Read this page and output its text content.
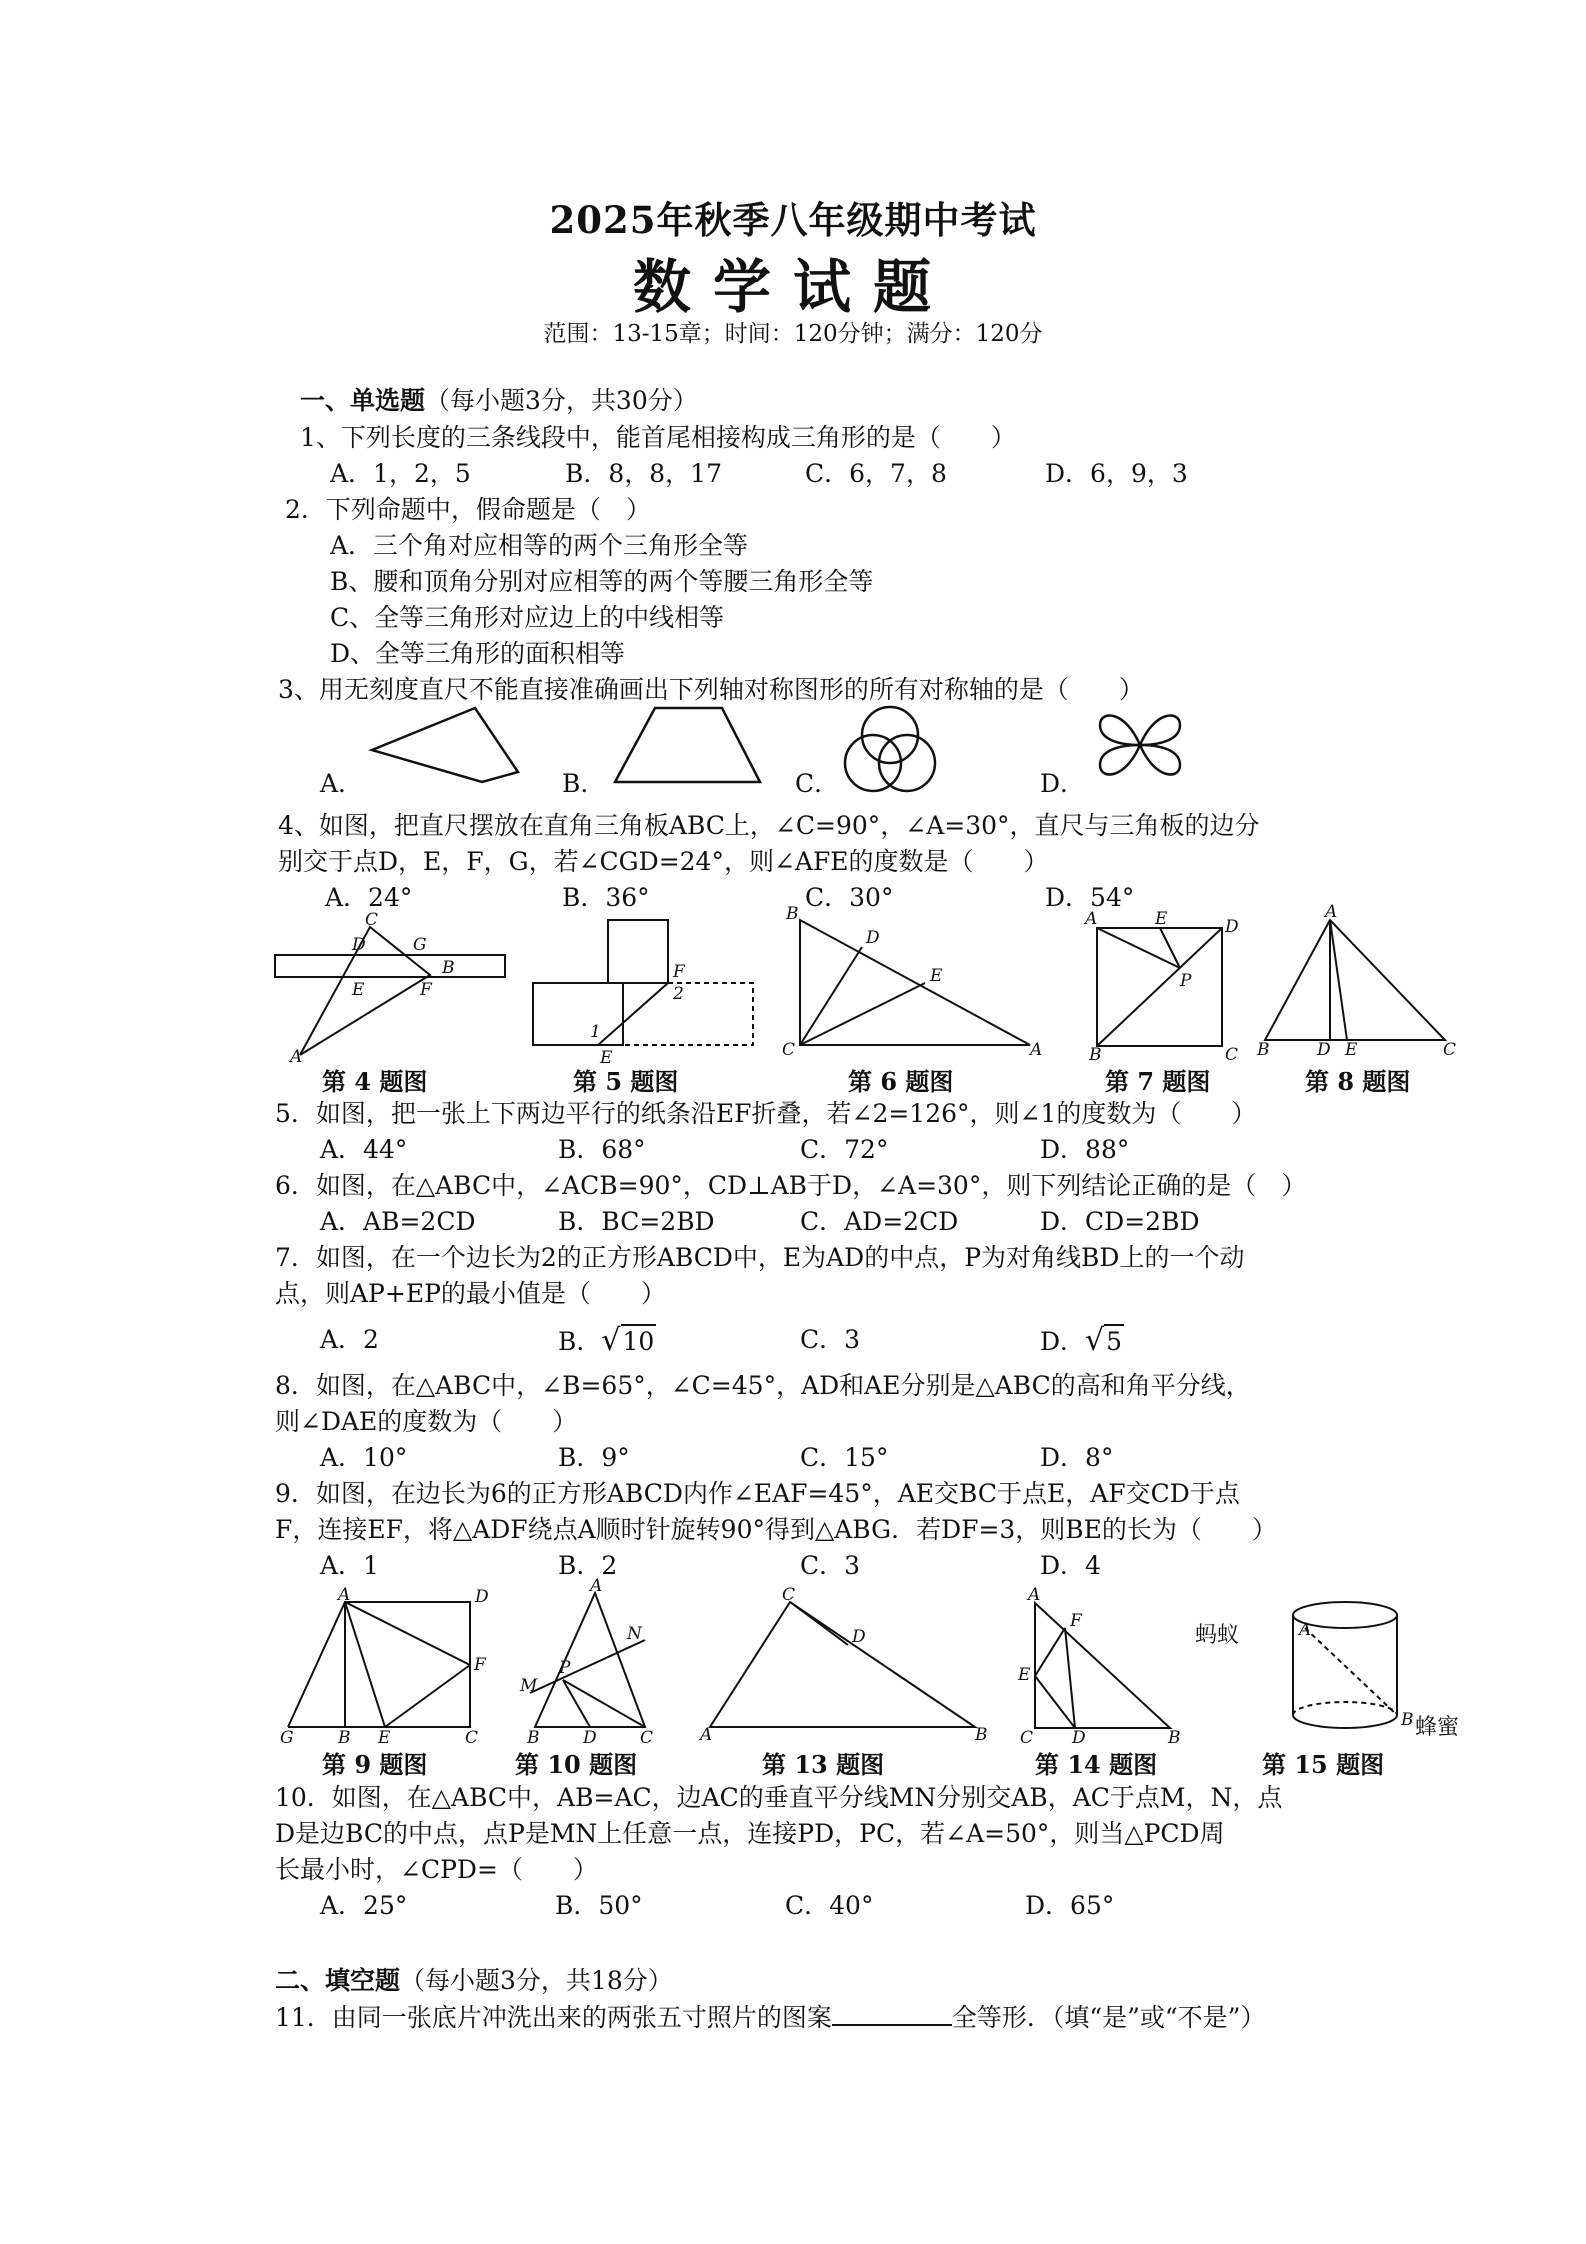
2025年秋季八年级期中考试
数学试题
范围：13-15章；时间：120分钟；满分：120分
一、单选题（每小题3分，共30分）
1、下列长度的三条线段中，能首尾相接构成三角形的是（　　）
A．1，2，5	B．8，8，17	C．6，7，8	D．6，9，3
2．下列命题中，假命题是（　）
A．三个角对应相等的两个三角形全等
B、腰和顶角分别对应相等的两个等腰三角形全等
C、全等三角形对应边上的中线相等
D、全等三角形的面积相等
3、用无刻度直尺不能直接准确画出下列轴对称图形的所有对称轴的是（　　）
A．	B．	C．	D．
4、如图，把直尺摆放在直角三角板ABC上，∠C=90°，∠A=30°，直尺与三角板的边分
别交于点D，E，F，G，若∠CGD=24°，则∠AFE的度数是（　　）
A．24°	B．36°	C．30°	D．54°
C
D	G
B
E	F
A
F
2
1
E
B
D
E
C	A
A	E	D
P
B	C
A
B	D E	C
第 4 题图	第 5 题图	第 6 题图	第 7 题图	第 8 题图
5．如图，把一张上下两边平行的纸条沿EF折叠，若∠2=126°，则∠1的度数为（　　）
A．44°	B．68°	C．72°	D．88°
6．如图，在△ABC中，∠ACB=90°，CD⊥AB于D，∠A=30°，则下列结论正确的是（　）
A．AB=2CD	B．BC=2BD	C．AD=2CD	D．CD=2BD
7．如图，在一个边长为2的正方形ABCD中，E为AD的中点，P为对角线BD上的一个动
点，则AP+EP的最小值是（　　）
A．2	B．√10	C．3	D．√5
8．如图，在△ABC中，∠B=65°，∠C=45°，AD和AE分别是△ABC的高和角平分线，
则∠DAE的度数为（　　）
A．10°	B．9°	C．15°	D．8°
9．如图，在边长为6的正方形ABCD内作∠EAF=45°，AE交BC于点E，AF交CD于点
F，连接EF，将△ADF绕点A顺时针旋转90°得到△ABG．若DF=3，则BE的长为（　　）
A．1	B．2	C．3	D．4
A	D
F
G	B E	C
A
N
M
P
B	D	C
C
D
A	B
A
F
E
C D	B
A
B
蚂蚁
蜂蜜
第 9 题图	第 10 题图	第 13 题图	第 14 题图	第 15 题图
10．如图，在△ABC中，AB=AC，边AC的垂直平分线MN分别交AB，AC于点M，N，点
D是边BC的中点，点P是MN上任意一点，连接PD，PC，若∠A=50°，则当△PCD周
长最小时，∠CPD=（　　）
A．25°	B．50°	C．40°	D．65°
二、填空题（每小题3分，共18分）
11．由同一张底片冲洗出来的两张五寸照片的图案	全等形．（填“是”或“不是”）
